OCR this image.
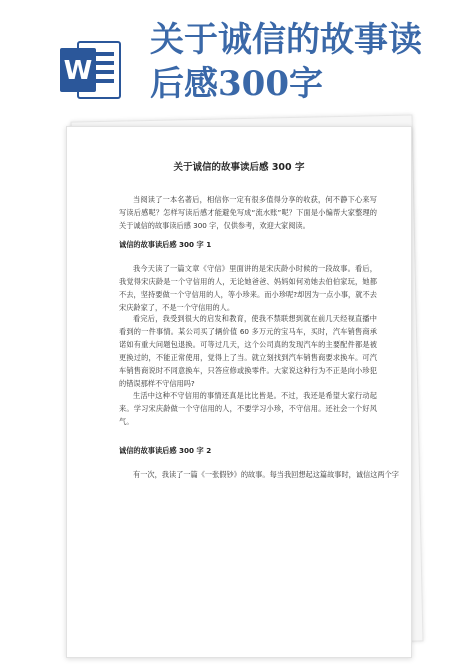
W
关于诚信的故事读
后感300字
关于诚信的故事读后感 300 字
当阅读了一本名著后，相信你一定有很多值得分享的收获，何不静下心来写写读后感呢？怎样写读后感才能避免写成“流水账”呢？下面是小编帮大家整理的关于诚信的故事读后感 300 字，仅供参考，欢迎大家阅读。
诚信的故事读后感 300 字 1
我今天读了一篇文章《守信》里面讲的是宋庆龄小时候的一段故事。看后，我觉得宋庆龄是一个守信用的人，无论她爸爸、妈妈如何劝她去伯伯家玩，她都不去，坚持要做一个守信用的人，等小珍来。而小珍呢?却因为一点小事，就不去宋庆龄家了，不是一个守信用的人。
看完后，我受到很大的启发和教育，使我不禁联想到就在前几天经视直播中看到的一件事情。某公司买了辆价值 60 多万元的宝马车，买时，汽车销售商承诺如有重大问题包退换。可等过几天，这个公司真的发现汽车的主要配件都是被更换过的，不能正常使用，觉得上了当。就立刻找到汽车销售商要求换车。可汽车销售商说时不同意换车，只答应修或换零件。大家说这种行为不正是向小珍犯的错误那样不守信用吗?
生活中这种不守信用的事情还真是比比皆是。不过，我还是希望大家行动起来。学习宋庆龄做一个守信用的人，不要学习小珍，不守信用。还社会一个好风气。
诚信的故事读后感 300 字 2
有一次，我读了一篇《一张假钞》的故事。每当我回想起这篇故事时，诚信这两个字
